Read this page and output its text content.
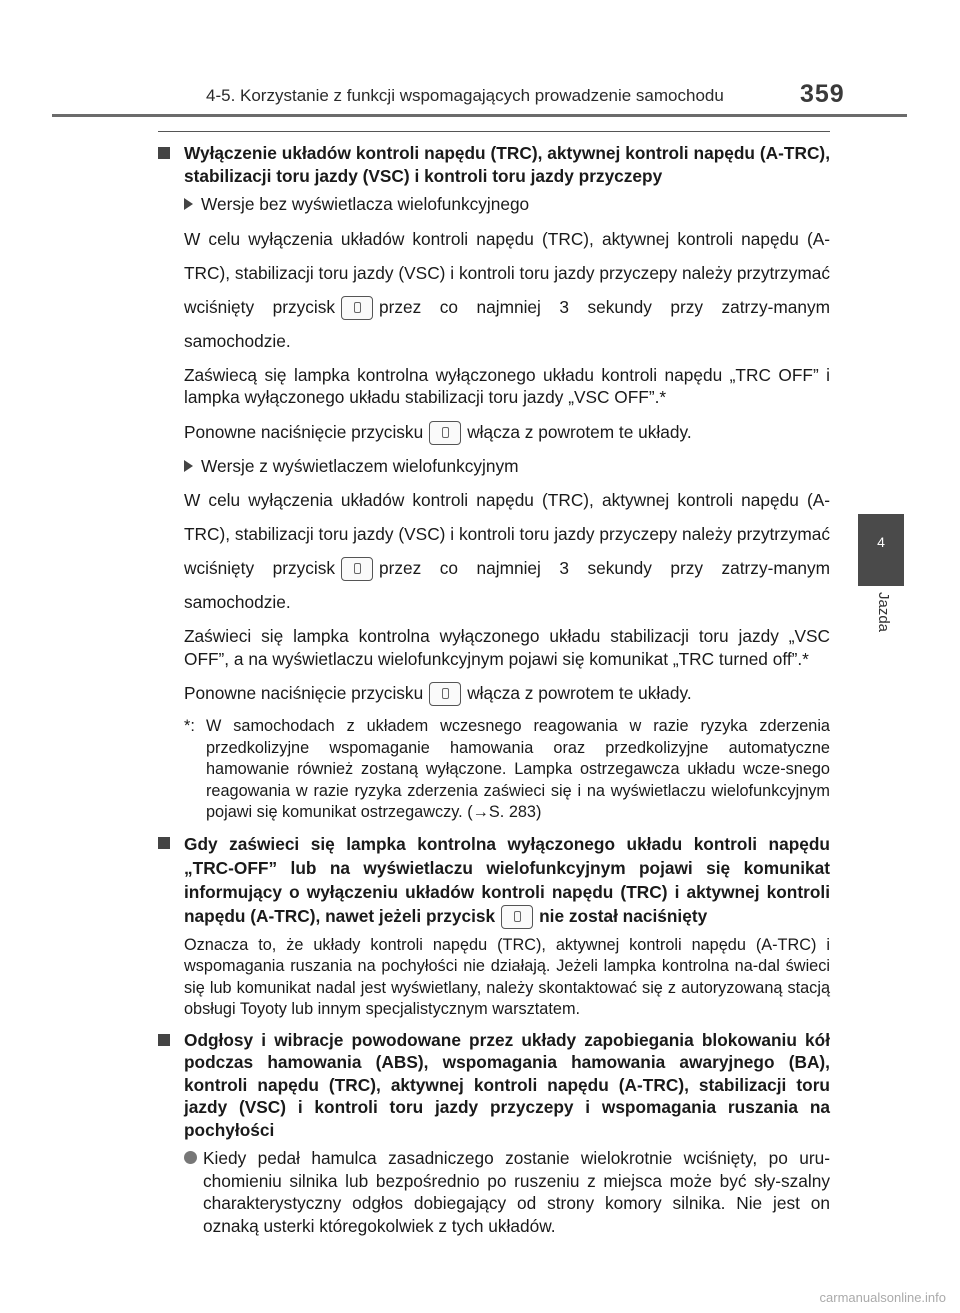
4-5. Korzystanie z funkcji wspomagających prowadzenie samochodu	359
4
Jazda
Wyłączenie układów kontroli napędu (TRC), aktywnej kontroli napędu (A-TRC), stabilizacji toru jazdy (VSC) i kontroli toru jazdy przyczepy
Wersje bez wyświetlacza wielofunkcyjnego

W celu wyłączenia układów kontroli napędu (TRC), aktywnej kontroli napędu (A-TRC), stabilizacji toru jazdy (VSC) i kontroli toru jazdy przyczepy należy przytrzymać wciśnięty przycisk	przez co najmniej 3 sekundy przy zatrzy-manym samochodzie.

Zaświecą się lampka kontrolna wyłączonego układu kontroli napędu „TRC OFF” i lampka wyłączonego układu stabilizacji toru jazdy „VSC OFF”.*

Ponowne naciśnięcie przycisku	włącza z powrotem te układy.

Wersje z wyświetlaczem wielofunkcyjnym

W celu wyłączenia układów kontroli napędu (TRC), aktywnej kontroli napędu (A-TRC), stabilizacji toru jazdy (VSC) i kontroli toru jazdy przyczepy należy przytrzymać wciśnięty przycisk	przez co najmniej 3 sekundy przy zatrzy-manym samochodzie.

Zaświeci się lampka kontrolna wyłączonego układu stabilizacji toru jazdy „VSC OFF”, a na wyświetlaczu wielofunkcyjnym pojawi się komunikat „TRC turned off”.*

Ponowne naciśnięcie przycisku	włącza z powrotem te układy.

*: W samochodach z układem wczesnego reagowania w razie ryzyka zderzenia przedkolizyjne wspomaganie hamowania oraz przedkolizyjne automatyczne hamowanie również zostaną wyłączone. Lampka ostrzegawcza układu wcze-snego reagowania w razie ryzyka zderzenia zaświeci się i na wyświetlaczu wielofunkcyjnym pojawi się komunikat ostrzegawczy. (→S. 283)
Gdy zaświeci się lampka kontrolna wyłączonego układu kontroli napędu „TRC-OFF” lub na wyświetlaczu wielofunkcyjnym pojawi się komunikat informujący o wyłączeniu układów kontroli napędu (TRC) i aktywnej kontroli napędu (A-TRC), nawet jeżeli przycisk	nie został naciśnięty

Oznacza to, że układy kontroli napędu (TRC), aktywnej kontroli napędu (A-TRC) i wspomagania ruszania na pochyłości nie działają. Jeżeli lampka kontrolna na-dal świeci się lub komunikat nadal jest wyświetlany, należy skontaktować się z autoryzowaną stacją obsługi Toyoty lub innym specjalistycznym warsztatem.

Odgłosy i wibracje powodowane przez układy zapobiegania blokowaniu kół podczas hamowania (ABS), wspomagania hamowania awaryjnego (BA), kontroli napędu (TRC), aktywnej kontroli napędu (A-TRC), stabilizacji toru jazdy (VSC) i kontroli toru jazdy przyczepy i wspomagania ruszania na pochyłości
Kiedy pedał hamulca zasadniczego zostanie wielokrotnie wciśnięty, po uru-chomieniu silnika lub bezpośrednio po ruszeniu z miejsca może być sły-szalny charakterystyczny odgłos dobiegający od strony komory silnika. Nie jest on oznaką usterki któregokolwiek z tych układów.
carmanualsonline.info
